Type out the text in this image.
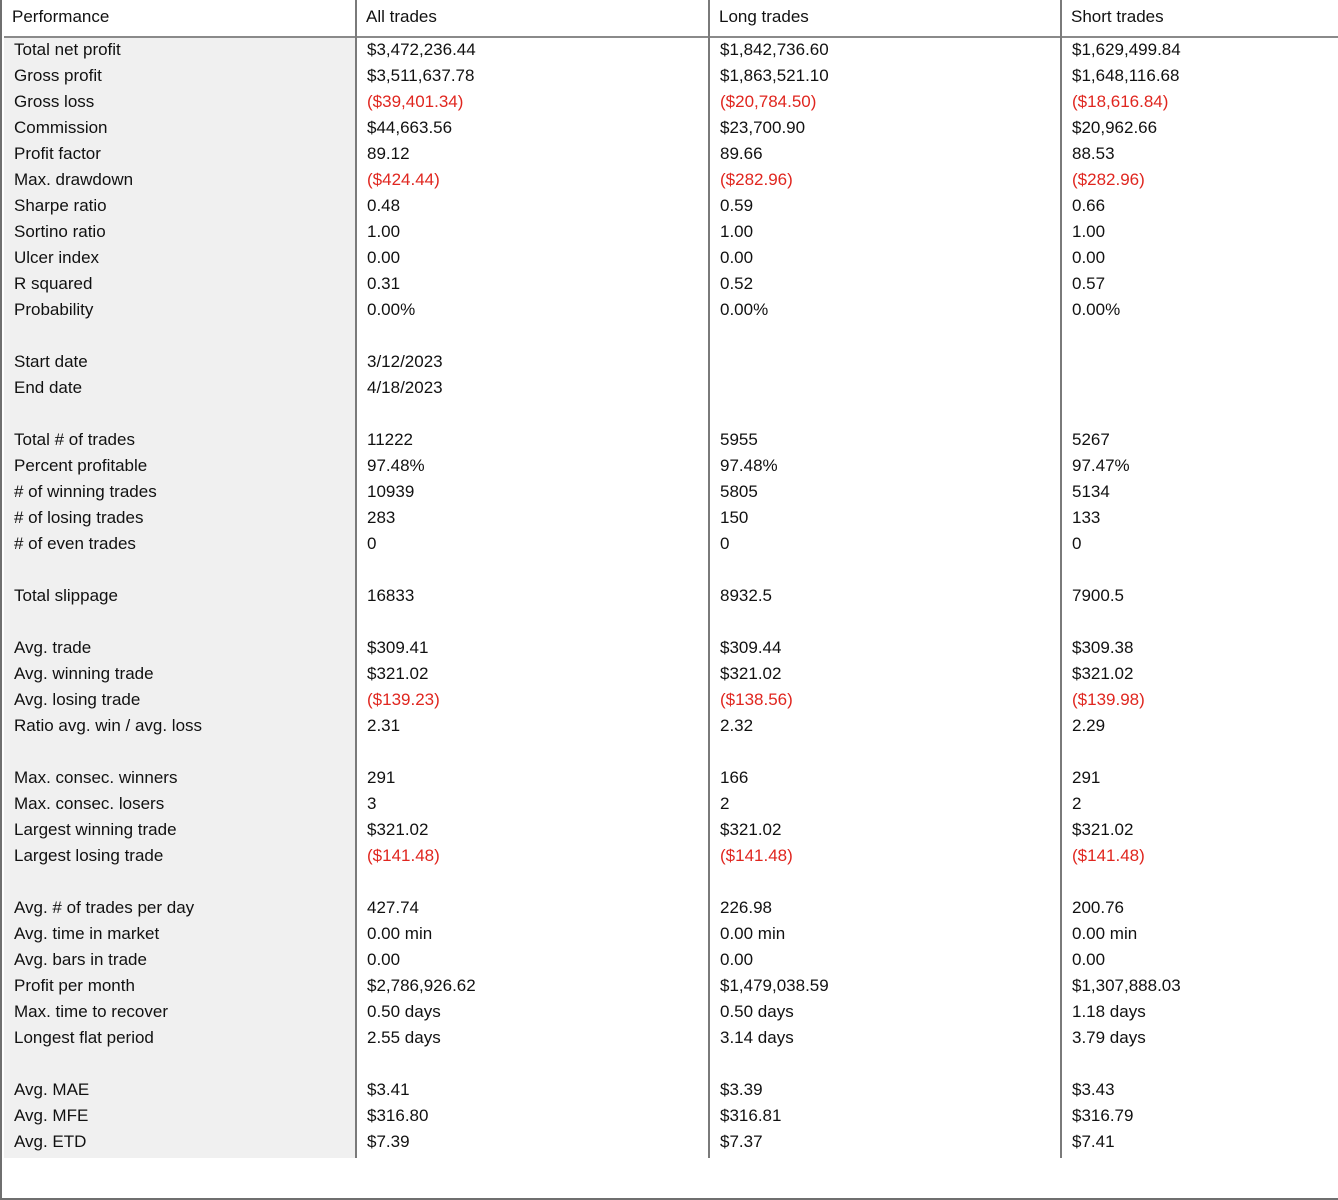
Performance	All trades	Long trades	Short trades
Total net profit	$3,472,236.44	$1,842,736.60	$1,629,499.84
Gross profit	$3,511,637.78	$1,863,521.10	$1,648,116.68
Gross loss	($39,401.34)	($20,784.50)	($18,616.84)
Commission	$44,663.56	$23,700.90	$20,962.66
Profit factor	89.12	89.66	88.53
Max. drawdown	($424.44)	($282.96)	($282.96)
Sharpe ratio	0.48	0.59	0.66
Sortino ratio	1.00	1.00	1.00
Ulcer index	0.00	0.00	0.00
R squared	0.31	0.52	0.57
Probability	0.00%	0.00%	0.00%
Start date	3/12/2023
End date	4/18/2023
Total # of trades	11222	5955	5267
Percent profitable	97.48%	97.48%	97.47%
# of winning trades	10939	5805	5134
# of losing trades	283	150	133
# of even trades	0	0	0
Total slippage	16833	8932.5	7900.5
Avg. trade	$309.41	$309.44	$309.38
Avg. winning trade	$321.02	$321.02	$321.02
Avg. losing trade	($139.23)	($138.56)	($139.98)
Ratio avg. win / avg. loss	2.31	2.32	2.29
Max. consec. winners	291	166	291
Max. consec. losers	3	2	2
Largest winning trade	$321.02	$321.02	$321.02
Largest losing trade	($141.48)	($141.48)	($141.48)
Avg. # of trades per day	427.74	226.98	200.76
Avg. time in market	0.00 min	0.00 min	0.00 min
Avg. bars in trade	0.00	0.00	0.00
Profit per month	$2,786,926.62	$1,479,038.59	$1,307,888.03
Max. time to recover	0.50 days	0.50 days	1.18 days
Longest flat period	2.55 days	3.14 days	3.79 days
Avg. MAE	$3.41	$3.39	$3.43
Avg. MFE	$316.80	$316.81	$316.79
Avg. ETD	$7.39	$7.37	$7.41
